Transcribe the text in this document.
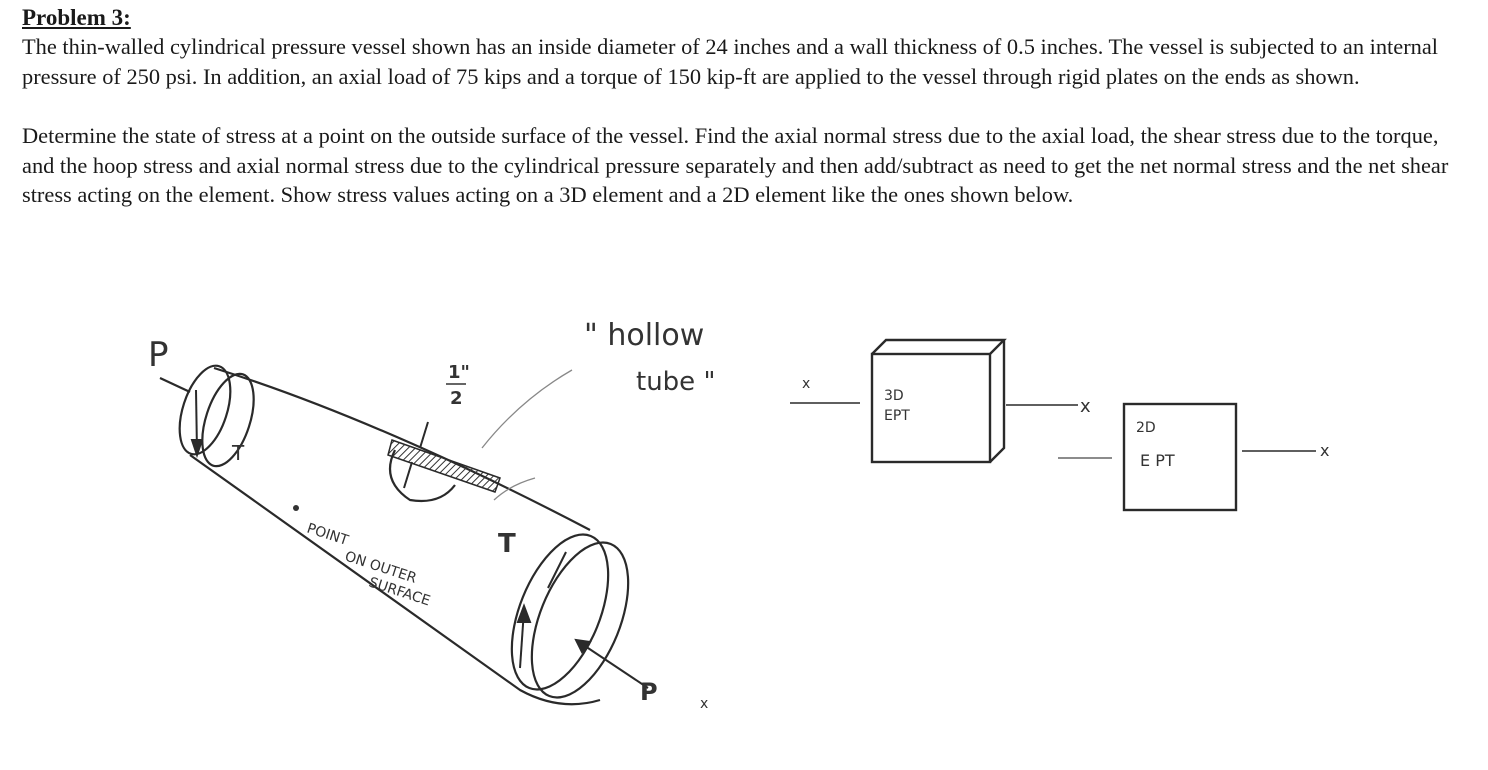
Problem 3:

The thin-walled cylindrical pressure vessel shown has an inside diameter of 24 inches and a wall thickness of 0.5 inches. The vessel is subjected to an internal pressure of 250 psi. In addition, an axial load of 75 kips and a torque of 150 kip-ft are applied to the vessel through rigid plates on the ends as shown.

Determine the state of stress at a point on the outside surface of the vessel. Find the axial normal stress due to the axial load, the shear stress due to the torque, and the hoop stress and axial normal stress due to the cylindrical pressure separately and then add/subtract as need to get the net normal stress and the net shear stress acting on the element. Show stress values acting on a 3D element and a 2D element like the ones shown below.

P
T
T
P	x
1"
2
" hollow
tube "
POINT
ON OUTER
SURFACE
x
x
3D
EPT
x
2D
E PT
